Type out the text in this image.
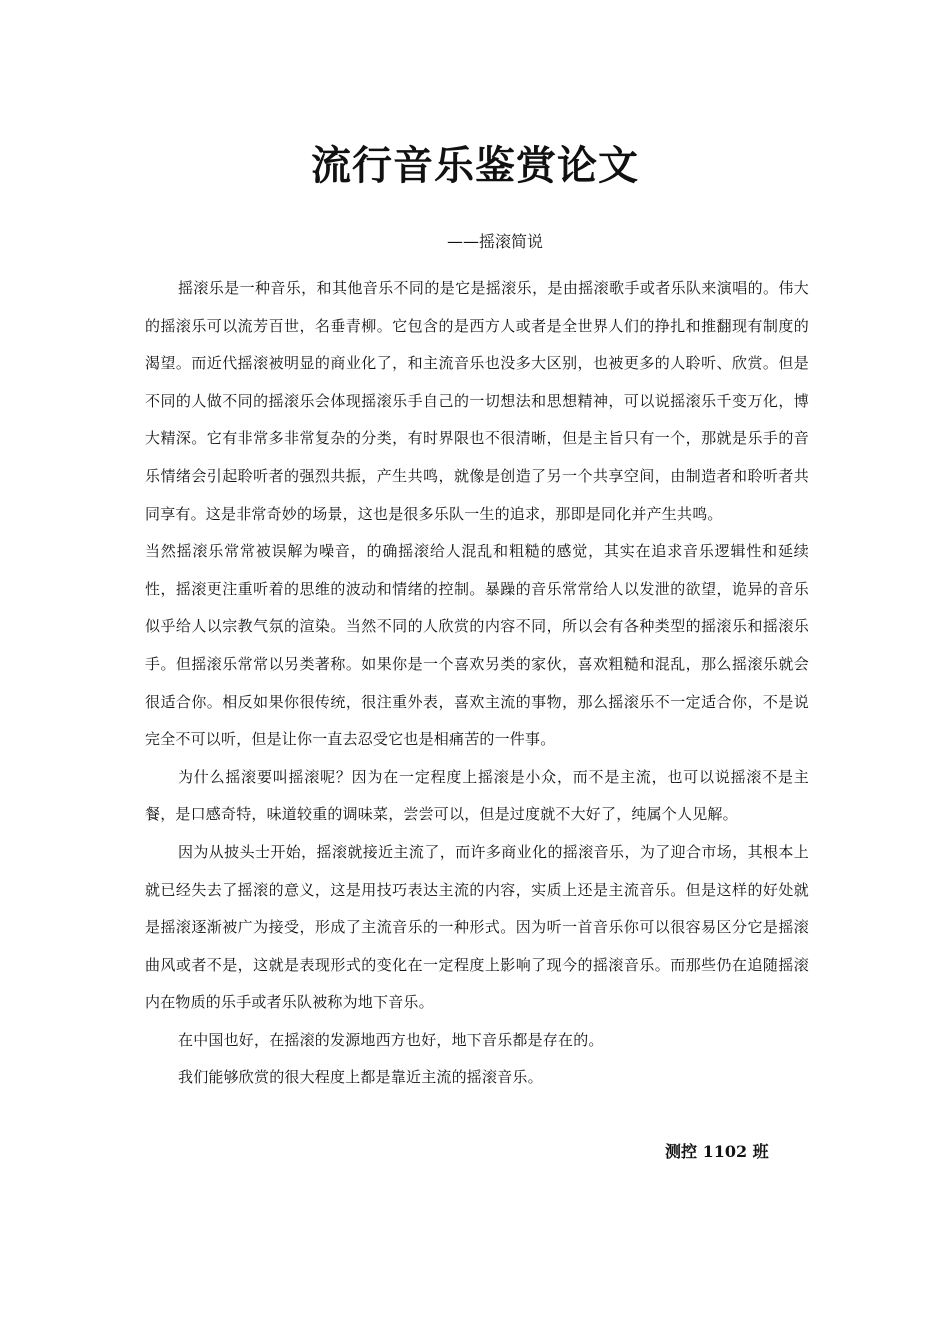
流行音乐鉴赏论文
——摇滚简说

摇滚乐是一种音乐，和其他音乐不同的是它是摇滚乐，是由摇滚歌手或者乐队来演唱的。伟大的摇滚乐可以流芳百世，名垂青柳。它包含的是西方人或者是全世界人们的挣扎和推翻现有制度的渴望。而近代摇滚被明显的商业化了，和主流音乐也没多大区别，也被更多的人聆听、欣赏。但是不同的人做不同的摇滚乐会体现摇滚乐手自己的一切想法和思想精神，可以说摇滚乐千变万化，博大精深。它有非常多非常复杂的分类，有时界限也不很清晰，但是主旨只有一个，那就是乐手的音乐情绪会引起聆听者的强烈共振，产生共鸣，就像是创造了另一个共享空间，由制造者和聆听者共同享有。这是非常奇妙的场景，这也是很多乐队一生的追求，那即是同化并产生共鸣。

当然摇滚乐常常被误解为噪音，的确摇滚给人混乱和粗糙的感觉，其实在追求音乐逻辑性和延续性，摇滚更注重听着的思维的波动和情绪的控制。暴躁的音乐常常给人以发泄的欲望，诡异的音乐似乎给人以宗教气氛的渲染。当然不同的人欣赏的内容不同，所以会有各种类型的摇滚乐和摇滚乐手。但摇滚乐常常以另类著称。如果你是一个喜欢另类的家伙，喜欢粗糙和混乱，那么摇滚乐就会很适合你。相反如果你很传统，很注重外表，喜欢主流的事物，那么摇滚乐不一定适合你，不是说完全不可以听，但是让你一直去忍受它也是相痛苦的一件事。

为什么摇滚要叫摇滚呢？因为在一定程度上摇滚是小众，而不是主流，也可以说摇滚不是主餐，是口感奇特，味道较重的调味菜，尝尝可以，但是过度就不大好了，纯属个人见解。

因为从披头士开始，摇滚就接近主流了，而许多商业化的摇滚音乐，为了迎合市场，其根本上就已经失去了摇滚的意义，这是用技巧表达主流的内容，实质上还是主流音乐。但是这样的好处就是摇滚逐渐被广为接受，形成了主流音乐的一种形式。因为听一首音乐你可以很容易区分它是摇滚曲风或者不是，这就是表现形式的变化在一定程度上影响了现今的摇滚音乐。而那些仍在追随摇滚内在物质的乐手或者乐队被称为地下音乐。

在中国也好，在摇滚的发源地西方也好，地下音乐都是存在的。

我们能够欣赏的很大程度上都是靠近主流的摇滚音乐。

测控 1102 班
